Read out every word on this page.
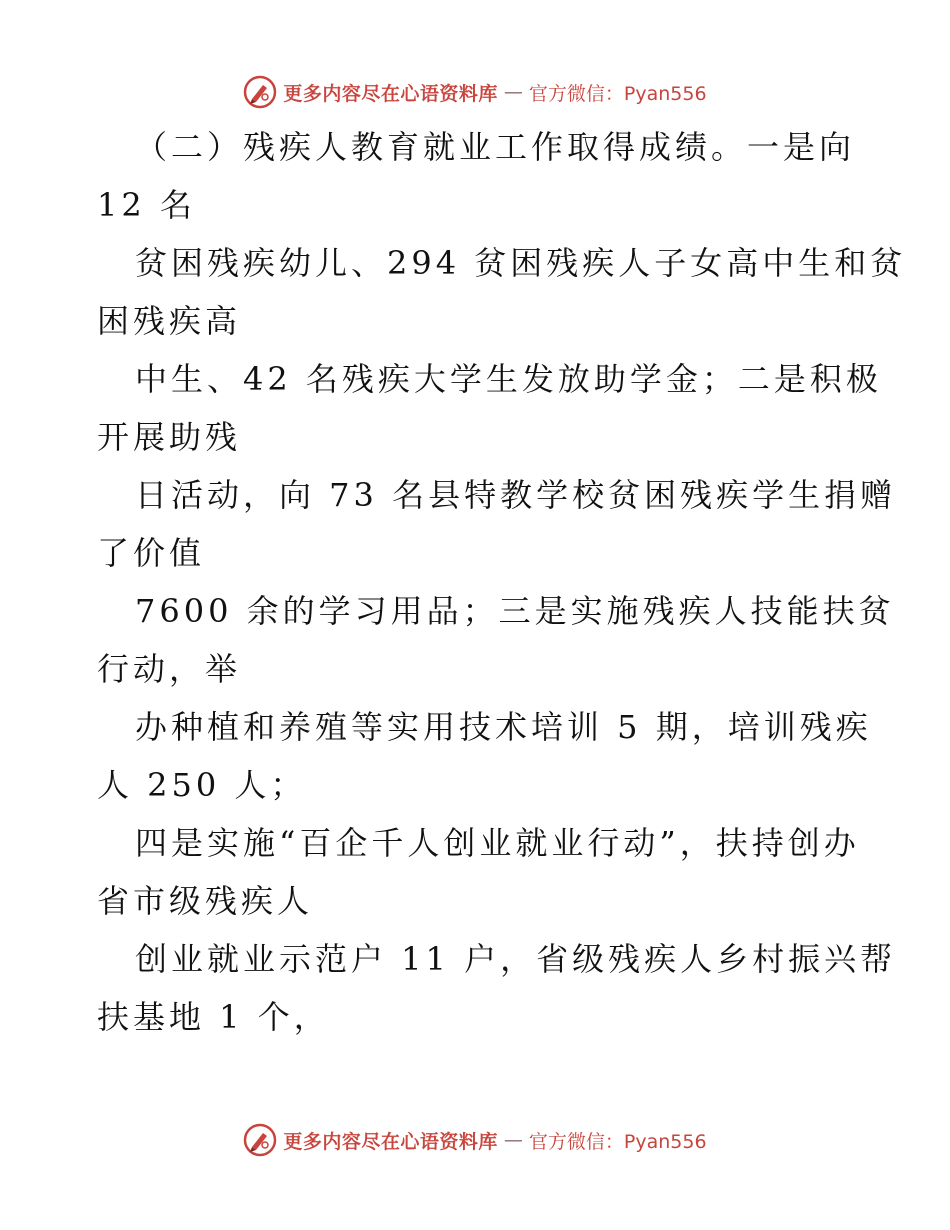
更多内容尽在心语资料库 — 官方微信：Pyan556
（二）残疾人教育就业工作取得成绩。一是向
12 名
贫困残疾幼儿、294 贫困残疾人子女高中生和贫
困残疾高
中生、42 名残疾大学生发放助学金；二是积极
开展助残
日活动，向 73 名县特教学校贫困残疾学生捐赠
了价值
7600 余的学习用品；三是实施残疾人技能扶贫
行动，举
办种植和养殖等实用技术培训 5 期，培训残疾
人 250 人；
四是实施“百企千人创业就业行动”，扶持创办
省市级残疾人
创业就业示范户 11 户，省级残疾人乡村振兴帮
扶基地 1 个，
更多内容尽在心语资料库 — 官方微信：Pyan556
